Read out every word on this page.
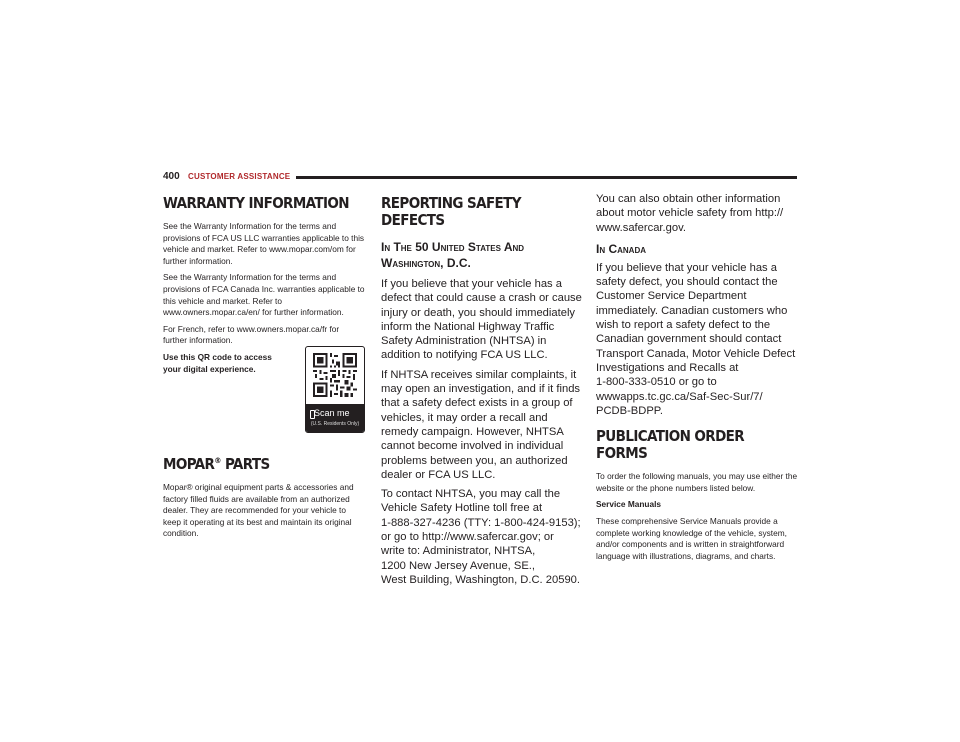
400 CUSTOMER ASSISTANCE
WARRANTY INFORMATION

See the Warranty Information for the terms and provisions of FCA US LLC warranties applicable to this vehicle and market. Refer to www.mopar.com/om for further information.

See the Warranty Information for the terms and provisions of FCA Canada Inc. warranties applicable to this vehicle and market. Refer to www.owners.mopar.ca/en/ for further information.

For French, refer to www.owners.mopar.ca/fr for further information.

Use this QR code to access your digital experience.

Scan me
(U.S. Residents Only)
MOPAR® PARTS

Mopar® original equipment parts & accessories and factory filled fluids are available from an authorized dealer. They are recommended for your vehicle to keep it operating at its best and maintain its original condition.

REPORTING SAFETY DEFECTS
In The 50 United States And
Washington, D.C.

If you believe that your vehicle has a defect that could cause a crash or cause injury or death, you should immediately inform the National Highway Traffic Safety Administration (NHTSA) in addition to notifying FCA US LLC.

If NHTSA receives similar complaints, it may open an investigation, and if it finds that a safety defect exists in a group of vehicles, it may order a recall and remedy campaign. However, NHTSA cannot become involved in individual problems between you, an authorized dealer or FCA US LLC.

To contact NHTSA, you may call the
Vehicle Safety Hotline toll free at
1-888-327-4236 (TTY: 1-800-424-9153);
or go to http://www.safercar.gov; or
write to: Administrator, NHTSA,
1200 New Jersey Avenue, SE.,
West Building, Washington, D.C. 20590.

You can also obtain other information about motor vehicle safety from http:// www.safercar.gov.

In Canada

If you believe that your vehicle has a safety defect, you should contact the Customer Service Department immediately. Canadian customers who wish to report a safety defect to the Canadian government should contact Transport Canada, Motor Vehicle Defect Investigations and Recalls at
1-800-333-0510 or go to
wwwapps.tc.gc.ca/Saf-Sec-Sur/7/
PCDB-BDPP.

PUBLICATION ORDER FORMS

To order the following manuals, you may use either the website or the phone numbers listed below.

Service Manuals

These comprehensive Service Manuals provide a complete working knowledge of the vehicle, system, and/or components and is written in straightforward language with illustrations, diagrams, and charts.
